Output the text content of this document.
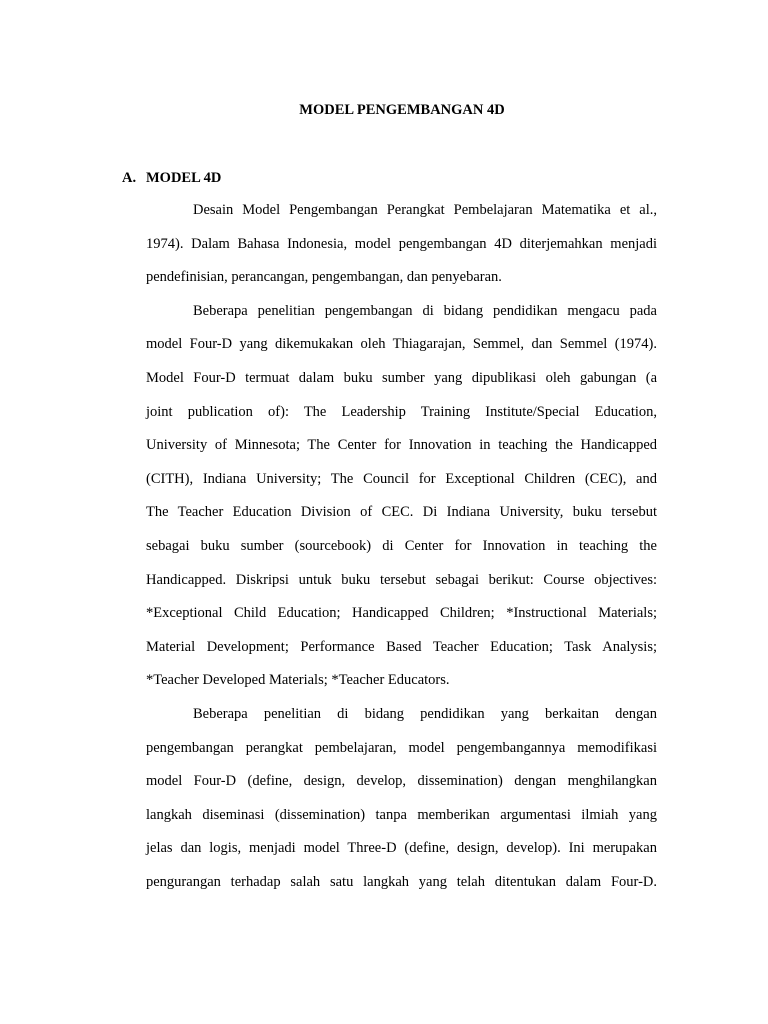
MODEL PENGEMBANGAN 4D
A. MODEL 4D
Desain Model Pengembangan Perangkat Pembelajaran Matematika et al.,
1974). Dalam Bahasa Indonesia, model pengembangan 4D diterjemahkan menjadi
pendefinisian, perancangan, pengembangan, dan penyebaran.
Beberapa penelitian pengembangan di bidang pendidikan mengacu pada
model Four-D yang dikemukakan oleh Thiagarajan, Semmel, dan Semmel (1974).
Model Four-D termuat dalam buku sumber yang dipublikasi oleh gabungan (a
joint publication of): The Leadership Training Institute/Special Education,
University of Minnesota; The Center for Innovation in teaching the Handicapped
(CITH), Indiana University; The Council for Exceptional Children (CEC), and
The Teacher Education Division of CEC. Di Indiana University, buku tersebut
sebagai buku sumber (sourcebook) di Center for Innovation in teaching the
Handicapped. Diskripsi untuk buku tersebut sebagai berikut: Course objectives:
*Exceptional Child Education; Handicapped Children; *Instructional Materials;
Material Development; Performance Based Teacher Education; Task Analysis;
*Teacher Developed Materials; *Teacher Educators.
Beberapa penelitian di bidang pendidikan yang berkaitan dengan
pengembangan perangkat pembelajaran, model pengembangannya memodifikasi
model Four-D (define, design, develop, dissemination) dengan menghilangkan
langkah diseminasi (dissemination) tanpa memberikan argumentasi ilmiah yang
jelas dan logis, menjadi model Three-D (define, design, develop). Ini merupakan
pengurangan terhadap salah satu langkah yang telah ditentukan dalam Four-D.
